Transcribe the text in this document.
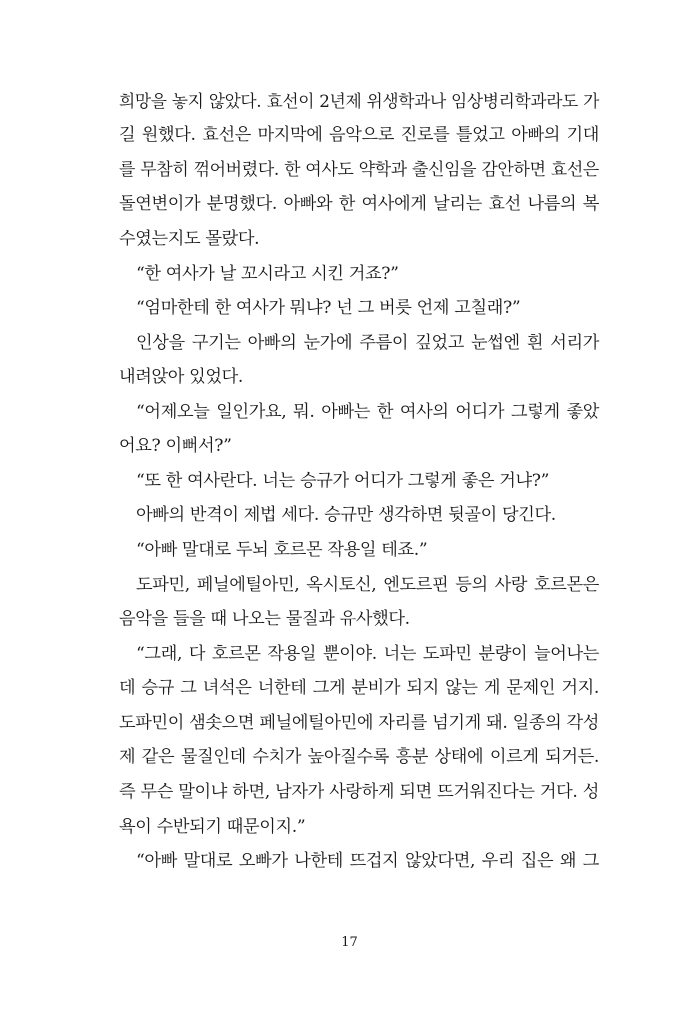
희망을 놓지 않았다. 효선이 2년제 위생학과나 임상병리학과라도 가
길 원했다. 효선은 마지막에 음악으로 진로를 틀었고 아빠의 기대
를 무참히 꺾어버렸다. 한 여사도 약학과 출신임을 감안하면 효선은
돌연변이가 분명했다. 아빠와 한 여사에게 날리는 효선 나름의 복
수였는지도 몰랐다.
“한 여사가 날 꼬시라고 시킨 거죠?”
“엄마한테 한 여사가 뭐냐? 넌 그 버릇 언제 고칠래?”
인상을 구기는 아빠의 눈가에 주름이 깊었고 눈썹엔 흰 서리가
내려앉아 있었다.
“어제오늘 일인가요, 뭐. 아빠는 한 여사의 어디가 그렇게 좋았
어요? 이뻐서?”
“또 한 여사란다. 너는 승규가 어디가 그렇게 좋은 거냐?”
아빠의 반격이 제법 세다. 승규만 생각하면 뒷골이 당긴다.
“아빠 말대로 두뇌 호르몬 작용일 테죠.”
도파민, 페닐에틸아민, 옥시토신, 엔도르핀 등의 사랑 호르몬은
음악을 들을 때 나오는 물질과 유사했다.
“그래, 다 호르몬 작용일 뿐이야. 너는 도파민 분량이 늘어나는
데 승규 그 녀석은 너한테 그게 분비가 되지 않는 게 문제인 거지.
도파민이 샘솟으면 페닐에틸아민에 자리를 넘기게 돼. 일종의 각성
제 같은 물질인데 수치가 높아질수록 흥분 상태에 이르게 되거든.
즉 무슨 말이냐 하면, 남자가 사랑하게 되면 뜨거워진다는 거다. 성
욕이 수반되기 때문이지.”
“아빠 말대로 오빠가 나한테 뜨겁지 않았다면, 우리 집은 왜 그
17
